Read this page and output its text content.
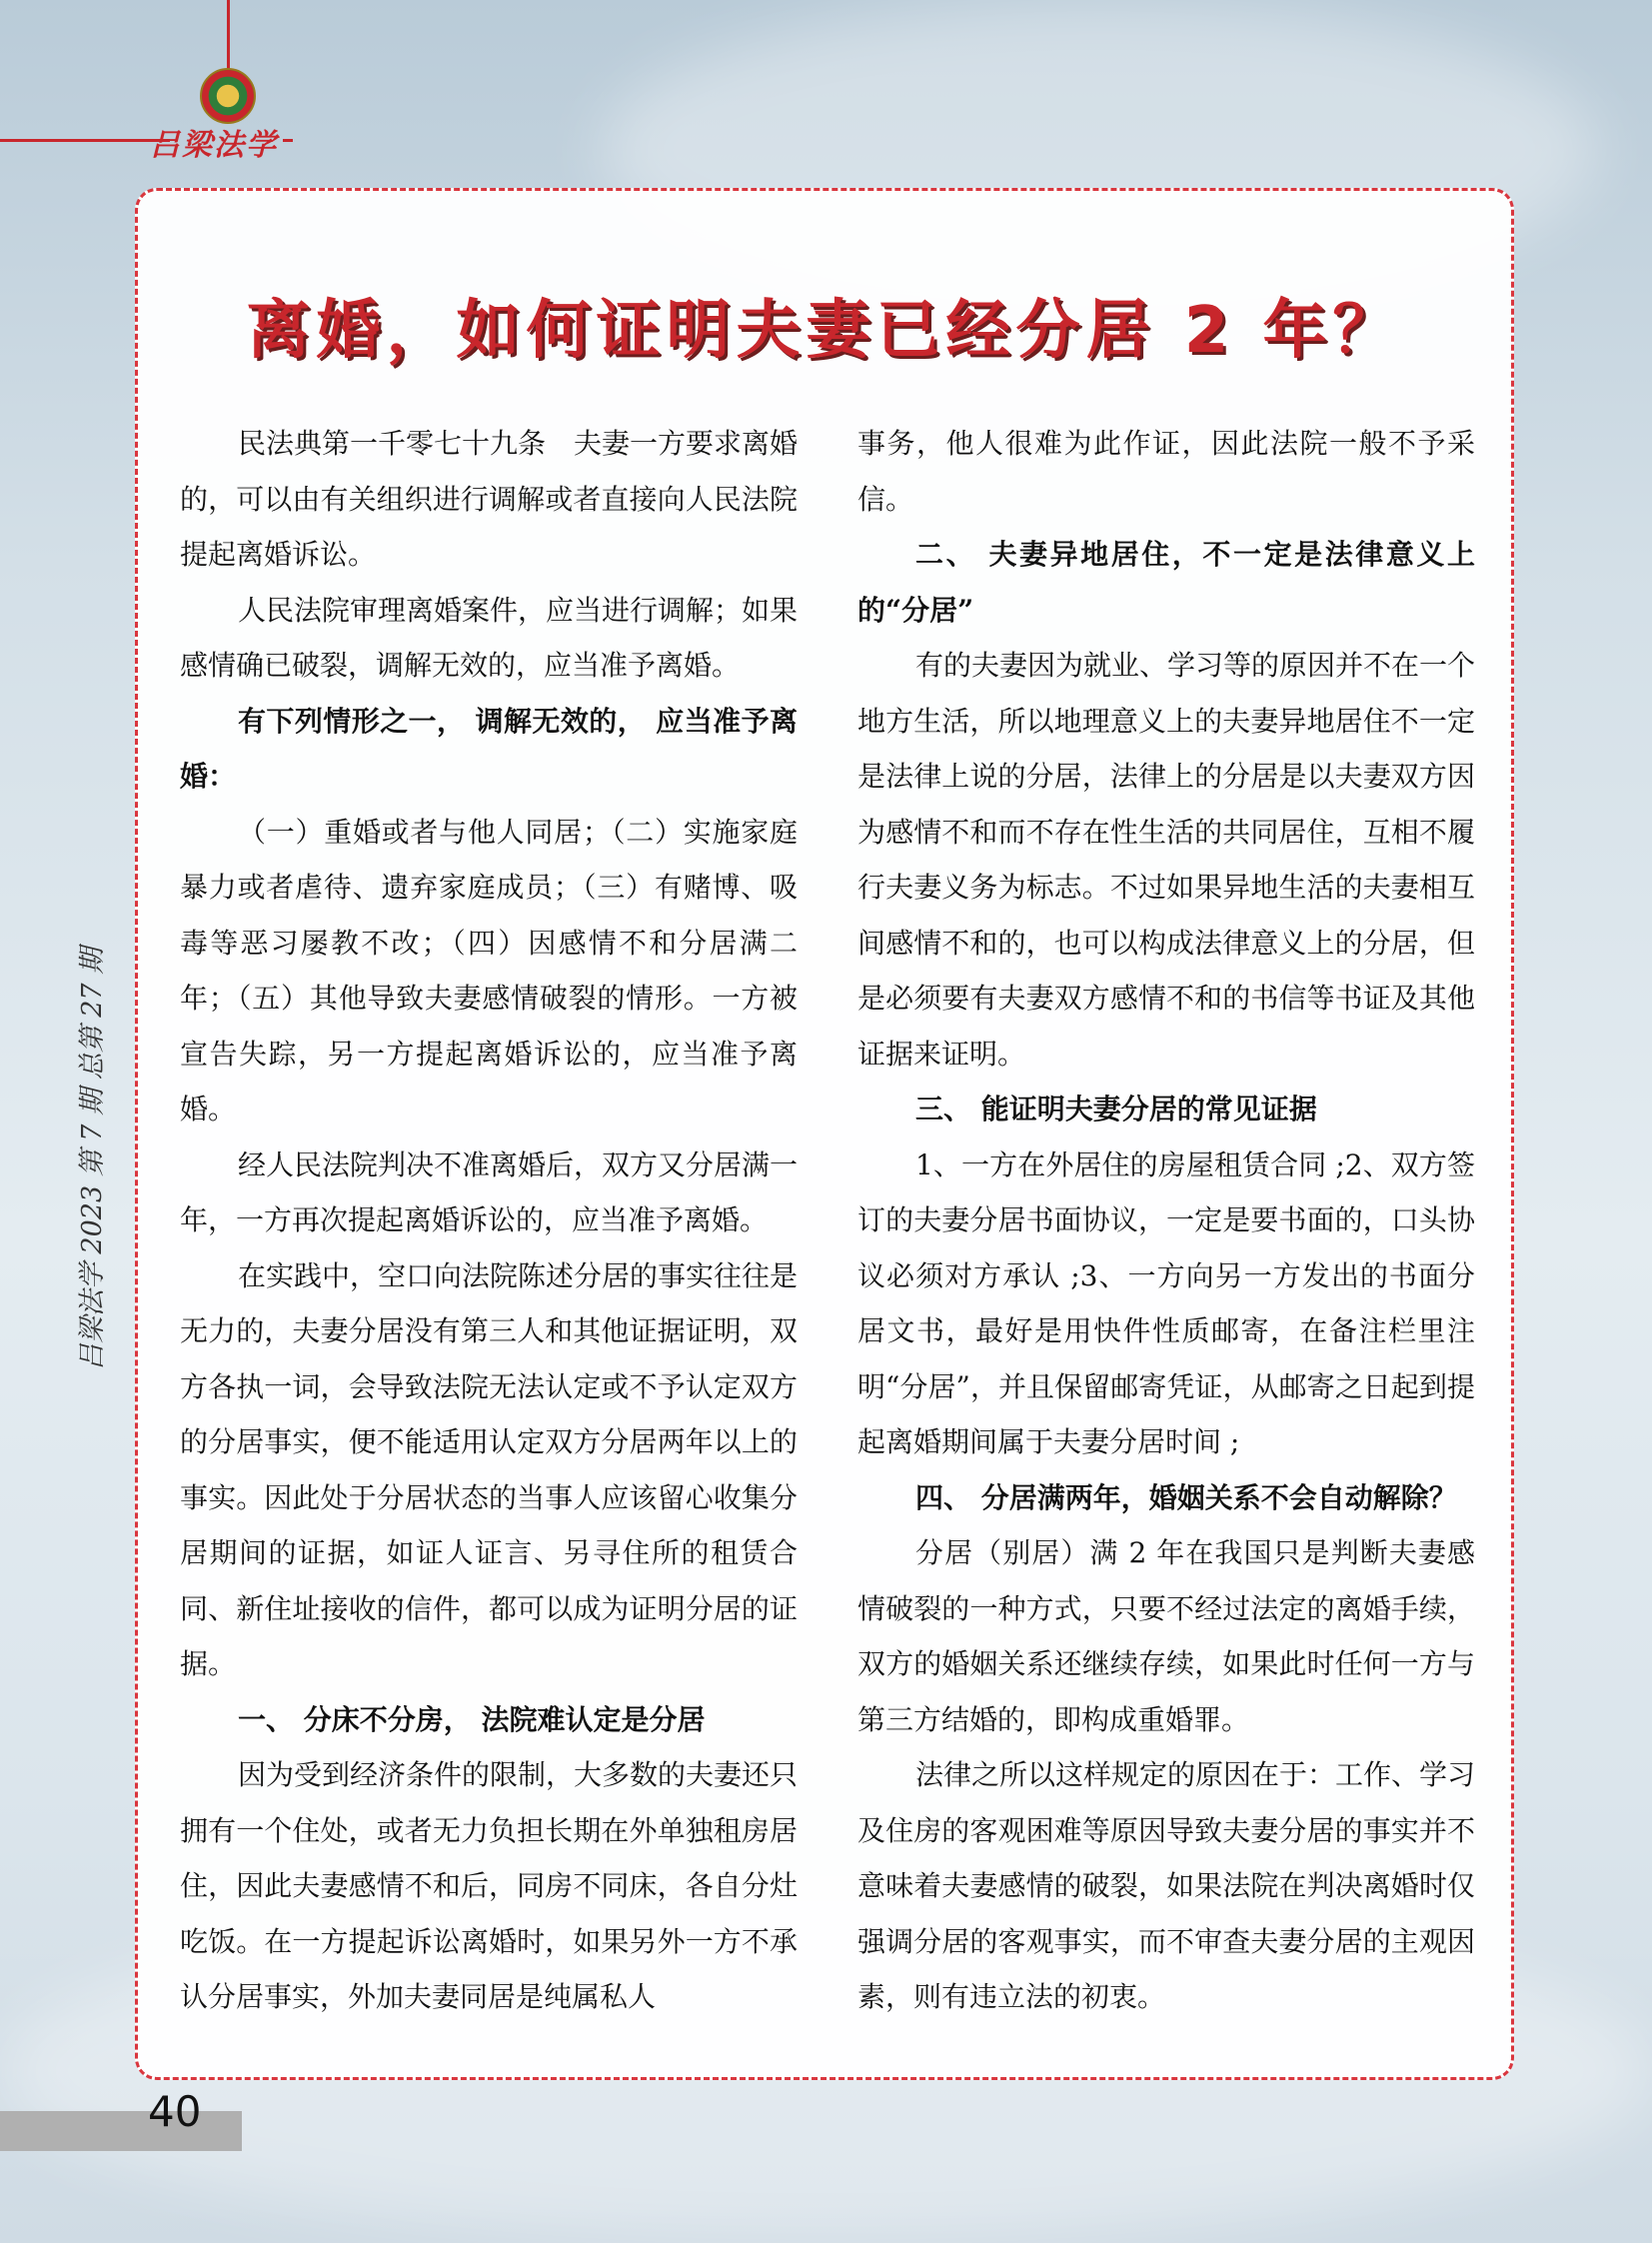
吕梁法学
吕梁法学 2023 第 7 期 总第 27 期
离婚，如何证明夫妻已经分居 2 年？

民法典第一千零七十九条　夫妻一方要求离婚的，可以由有关组织进行调解或者直接向人民法院提起离婚诉讼。

人民法院审理离婚案件，应当进行调解；如果感情确已破裂，调解无效的，应当准予离婚。

有下列情形之一， 调解无效的， 应当准予离婚：

（一）重婚或者与他人同居；（二）实施家庭暴力或者虐待、遗弃家庭成员；（三）有赌博、吸毒等恶习屡教不改；（四）因感情不和分居满二年；（五）其他导致夫妻感情破裂的情形。一方被宣告失踪，另一方提起离婚诉讼的，应当准予离婚。

经人民法院判决不准离婚后，双方又分居满一年，一方再次提起离婚诉讼的，应当准予离婚。

在实践中，空口向法院陈述分居的事实往往是无力的，夫妻分居没有第三人和其他证据证明，双方各执一词，会导致法院无法认定或不予认定双方的分居事实，便不能适用认定双方分居两年以上的事实。因此处于分居状态的当事人应该留心收集分居期间的证据，如证人证言、另寻住所的租赁合同、新住址接收的信件，都可以成为证明分居的证据。

一、 分床不分房， 法院难认定是分居

因为受到经济条件的限制，大多数的夫妻还只拥有一个住处，或者无力负担长期在外单独租房居住，因此夫妻感情不和后，同房不同床，各自分灶吃饭。在一方提起诉讼离婚时，如果另外一方不承认分居事实，外加夫妻同居是纯属私人

事务，他人很难为此作证，因此法院一般不予采信。

二、 夫妻异地居住，不一定是法律意义上的“分居”

有的夫妻因为就业、学习等的原因并不在一个地方生活，所以地理意义上的夫妻异地居住不一定是法律上说的分居，法律上的分居是以夫妻双方因为感情不和而不存在性生活的共同居住，互相不履行夫妻义务为标志。不过如果异地生活的夫妻相互间感情不和的，也可以构成法律意义上的分居，但是必须要有夫妻双方感情不和的书信等书证及其他证据来证明。

三、 能证明夫妻分居的常见证据

1、一方在外居住的房屋租赁合同 ;2、双方签订的夫妻分居书面协议，一定是要书面的，口头协议必须对方承认 ;3、一方向另一方发出的书面分居文书，最好是用快件性质邮寄，在备注栏里注明“分居”，并且保留邮寄凭证，从邮寄之日起到提起离婚期间属于夫妻分居时间 ;

四、 分居满两年，婚姻关系不会自动解除？

分居（别居）满 2 年在我国只是判断夫妻感情破裂的一种方式，只要不经过法定的离婚手续，双方的婚姻关系还继续存续，如果此时任何一方与第三方结婚的，即构成重婚罪。

法律之所以这样规定的原因在于：工作、学习及住房的客观困难等原因导致夫妻分居的事实并不意味着夫妻感情的破裂，如果法院在判决离婚时仅强调分居的客观事实，而不审查夫妻分居的主观因素，则有违立法的初衷。

40
